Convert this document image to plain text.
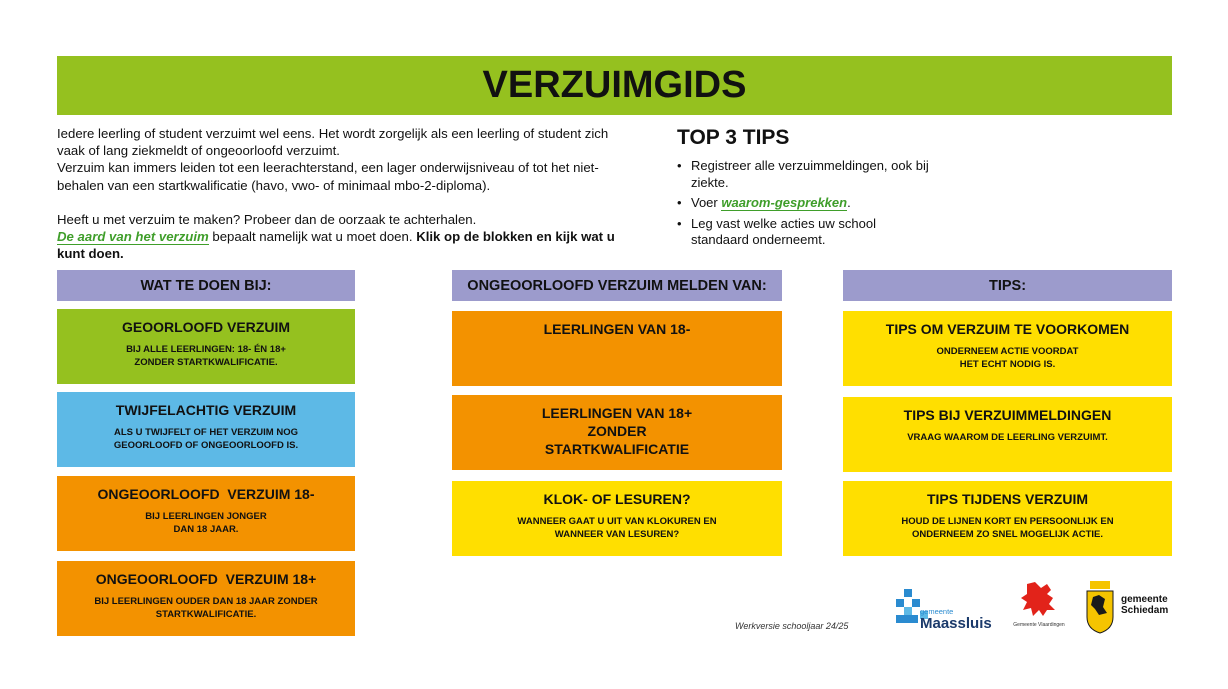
VERZUIMGIDS

Iedere leerling of student verzuimt wel eens. Het wordt zorgelijk als een leerling of student zich vaak of lang ziekmeldt of ongeoorloofd verzuimt.

Verzuim kan immers leiden tot een leerachterstand, een lager onderwijsniveau of tot het niet-behalen van een startkwalificatie (havo, vwo- of minimaal mbo-2-diploma).

Heeft u met verzuim te maken? Probeer dan de oorzaak te achterhalen.

De aard van het verzuim bepaalt namelijk wat u moet doen. Klik op de blokken en kijk wat u kunt doen.

TOP 3 TIPS
• Registreer alle verzuimmeldingen, ook bij ziekte.
• Voer waarom-gesprekken.
• Leg vast welke acties uw school standaard onderneemt.
WAT TE DOEN BIJ:
GEOORLOOFD VERZUIM
BIJ ALLE LEERLINGEN: 18- ÉN 18+
ZONDER STARTKWALIFICATIE.
TWIJFELACHTIG VERZUIM
ALS U TWIJFELT OF HET VERZUIM NOG
GEOORLOOFD OF ONGEOORLOOFD IS.
ONGEOORLOOFD  VERZUIM 18-
BIJ LEERLINGEN JONGER
DAN 18 JAAR.
ONGEOORLOOFD  VERZUIM 18+
BIJ LEERLINGEN OUDER DAN 18 JAAR ZONDER
STARTKWALIFICATIE.
ONGEOORLOOFD VERZUIM MELDEN VAN:
LEERLINGEN VAN 18-
LEERLINGEN VAN 18+
ZONDER
STARTKWALIFICATIE
KLOK- OF LESUREN?
WANNEER GAAT U UIT VAN KLOKUREN EN
WANNEER VAN LESUREN?
TIPS:
TIPS OM VERZUIM TE VOORKOMEN
ONDERNEEM ACTIE VOORDAT
HET ECHT NODIG IS.
TIPS BIJ VERZUIMMELDINGEN
VRAAG WAAROM DE LEERLING VERZUIMT.
TIPS TIJDENS VERZUIM
HOUD DE LIJNEN KORT EN PERSOONLIJK EN
ONDERNEEM ZO SNEL MOGELIJK ACTIE.
Werkversie schooljaar 24/25
gemeente
Maassluis	Gemeente Vlaardingen
gemeente
Schiedam
